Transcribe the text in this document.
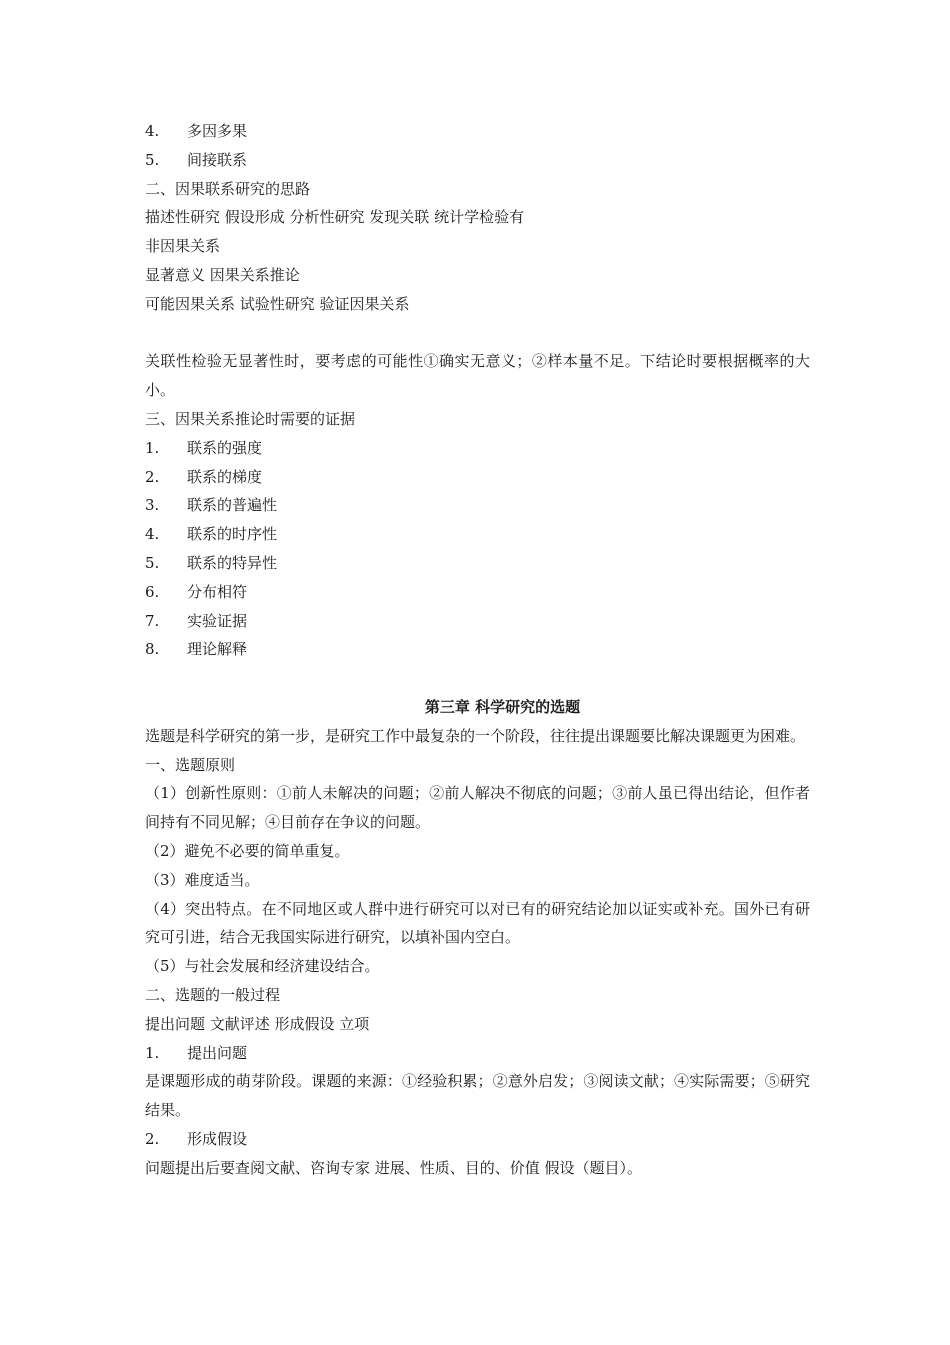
4. 多因多果
5. 间接联系
二、因果联系研究的思路
描述性研究 假设形成 分析性研究 发现关联 统计学检验有
非因果关系
显著意义 因果关系推论
可能因果关系 试验性研究 验证因果关系
关联性检验无显著性时，要考虑的可能性①确实无意义；②样本量不足。下结论时要根据概率的大小。
三、因果关系推论时需要的证据
1. 联系的强度
2. 联系的梯度
3. 联系的普遍性
4. 联系的时序性
5. 联系的特异性
6. 分布相符
7. 实验证据
8. 理论解释
第三章 科学研究的选题
选题是科学研究的第一步，是研究工作中最复杂的一个阶段，往往提出课题要比解决课题更为困难。
一、选题原则
（1）创新性原则：①前人未解决的问题；②前人解决不彻底的问题；③前人虽已得出结论，但作者间持有不同见解；④目前存在争议的问题。
（2）避免不必要的简单重复。
（3）难度适当。
（4）突出特点。在不同地区或人群中进行研究可以对已有的研究结论加以证实或补充。国外已有研究可引进，结合无我国实际进行研究，以填补国内空白。
（5）与社会发展和经济建设结合。
二、选题的一般过程
提出问题 文献评述 形成假设 立项
1. 提出问题
是课题形成的萌芽阶段。课题的来源：①经验积累；②意外启发；③阅读文献；④实际需要；⑤研究结果。
2. 形成假设
问题提出后要查阅文献、咨询专家 进展、性质、目的、价值 假设（题目）。
